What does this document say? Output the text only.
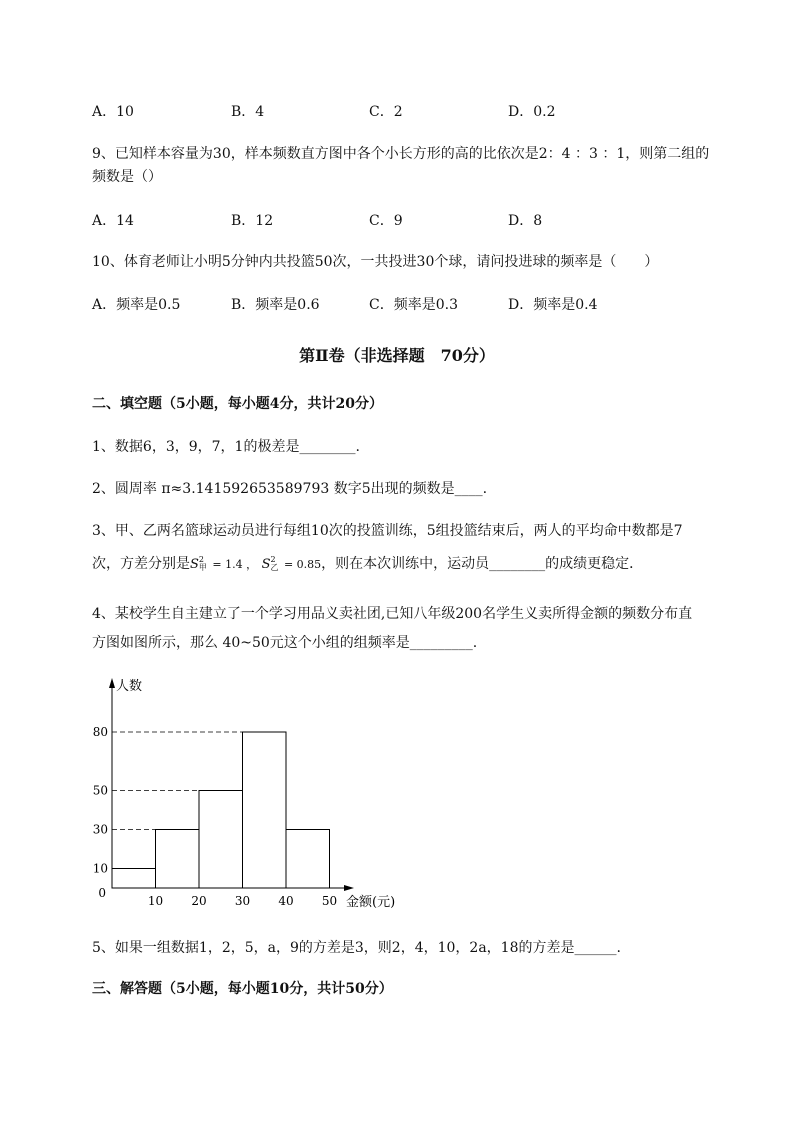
A．10	B．4	C．2	D．0.2
9、已知样本容量为30，样本频数直方图中各个小长方形的高的比依次是2：4 ：3 ：1，则第二组的
频数是（）
A．14	B．12	C．9	D．8
10、体育老师让小明5分钟内共投篮50次，一共投进30个球，请问投进球的频率是（　　）
A．频率是0.5	B．频率是0.6	C．频率是0.3	D．频率是0.4
第Ⅱ卷（非选择题　70分）
二、填空题（5小题，每小题4分，共计20分）
1、数据6，3，9，7，1的极差是________.
2、圆周率 π≈3.141592653589793 数字5出现的频数是____.
3、甲、乙两名篮球运动员进行每组10次的投篮训练，5组投篮结束后，两人的平均命中数都是7
次，方差分别是S 2
甲 = 1.4 ， S 2
乙 = 0.85，则在本次训练中，运动员________的成绩更稳定．
4、某校学生自主建立了一个学习用品义卖社团,已知八年级200名学生义卖所得金额的频数分布直
方图如图所示，那么 40~50元这个小组的组频率是_________.
10 20 30 40 50
10
30
50
80
0
人数
金额(元)
5、如果一组数据1，2，5，a，9的方差是3，则2，4，10，2a，18的方差是______.
三、解答题（5小题，每小题10分，共计50分）
